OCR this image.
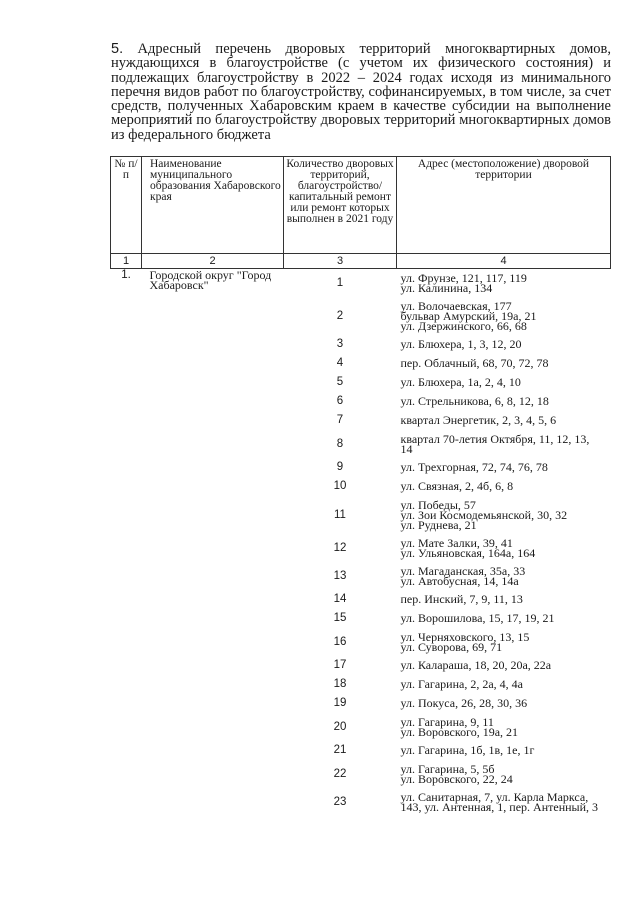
5. Адресный перечень дворовых территорий многоквартирных домов, нуждающихся в благоустройстве (с учетом их физического состояния) и подлежащих благоустройству в 2022 – 2024 годах исходя из минимального перечня видов работ по благоустройству, софинансируемых, в том числе, за счет средств, полученных Хабаровским краем в качестве субсидии на выполнение мероприятий по благоустройству дворовых территорий многоквартирных домов из федерального бюджета

№ п/п	Наименование муниципального образования Хабаровского края	Количество дворовых территорий, благоустройство/ капитальный ремонт или ремонт которых выполнен в 2021 году	Адрес (местоположение) дворовой территории
1	2	3	4
1.	Городской округ "Город Хабаровск"	1	ул. Фрунзе, 121, 117, 119
ул. Калинина, 134

		2	ул. Волочаевская, 177
бульвар Амурский, 19а, 21
ул. Дзержинского, 66, 68

		3	ул. Блюхера, 1, 3, 12, 20

		4	пер. Облачный, 68, 70, 72, 78

		5	ул. Блюхера, 1а, 2, 4, 10

		6	ул. Стрельникова, 6, 8, 12, 18

		7	квартал Энергетик, 2, 3, 4, 5, 6

		8	квартал 70-летия Октября, 11, 12, 13,
14

		9	ул. Трехгорная, 72, 74, 76, 78

		10	ул. Связная, 2, 4б, 6, 8

		11	ул. Победы, 57
ул. Зои Космодемьянской, 30, 32
ул. Руднева, 21

		12	ул. Мате Залки, 39, 41
ул. Ульяновская, 164а, 164

		13	ул. Магаданская, 35а, 33
ул. Автобусная, 14, 14а

		14	пер. Инский, 7, 9, 11, 13

		15	ул. Ворошилова, 15, 17, 19, 21

		16	ул. Черняховского, 13, 15
ул. Суворова, 69, 71

		17	ул. Калараша, 18, 20, 20а, 22а

		18	ул. Гагарина, 2, 2а, 4, 4а

		19	ул. Покуса, 26, 28, 30, 36

		20	ул. Гагарина, 9, 11
ул. Воровского, 19а, 21

		21	ул. Гагарина, 1б, 1в, 1е, 1г

		22	ул. Гагарина, 5, 5б
ул. Воровского, 22, 24

		23	ул. Санитарная, 7, ул. Карла Маркса,
143, ул. Антенная, 1, пер. Антенный, 3
